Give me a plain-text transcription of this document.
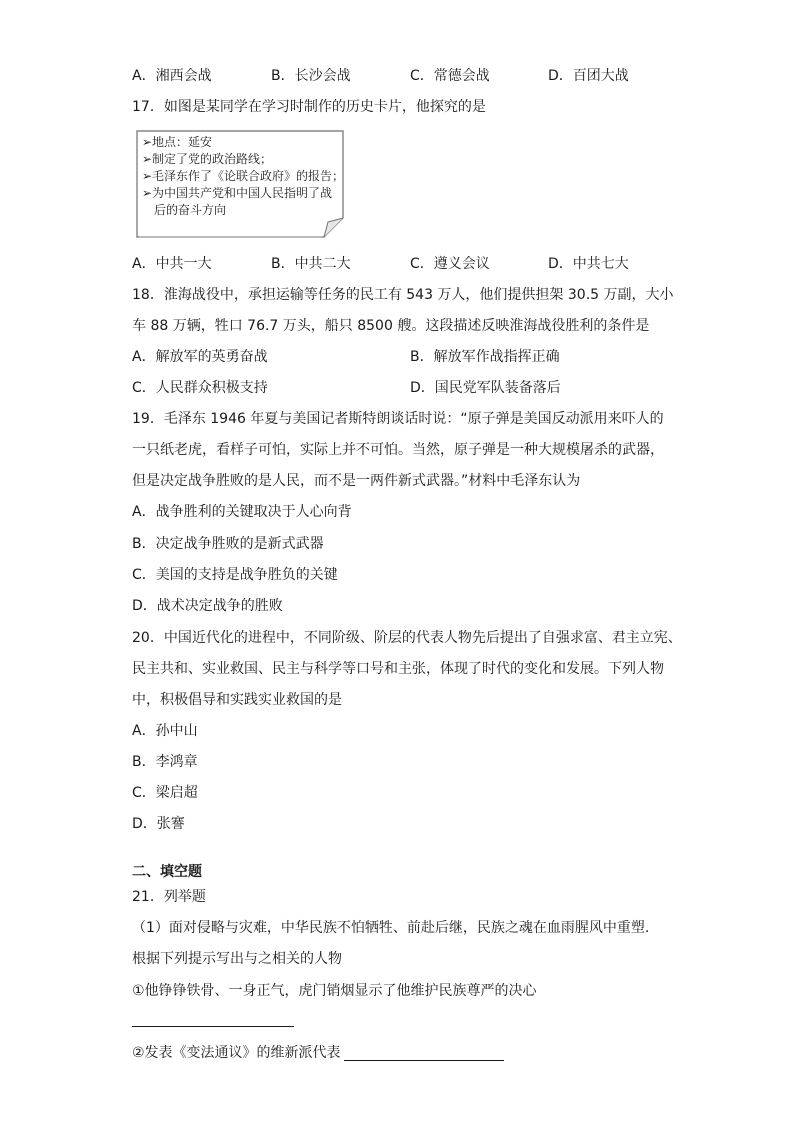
A．湘西会战	B．长沙会战	C．常德会战	D．百团大战
17．如图是某同学在学习时制作的历史卡片，他探究的是
➢地点：延安
➢制定了党的政治路线；
➢毛泽东作了《论联合政府》的报告；
➢为中国共产党和中国人民指明了战
　后的奋斗方向
A．中共一大	B．中共二大	C．遵义会议	D．中共七大
18．淮海战役中，承担运输等任务的民工有 543 万人，他们提供担架 30.5 万副，大小
车 88 万辆，牲口 76.7 万头，船只 8500 艘。这段描述反映淮海战役胜利的条件是
A．解放军的英勇奋战	B．解放军作战指挥正确
C．人民群众积极支持	D．国民党军队装备落后
19．毛泽东 1946 年夏与美国记者斯特朗谈话时说：“原子弹是美国反动派用来吓人的
一只纸老虎，看样子可怕，实际上并不可怕。当然，原子弹是一种大规模屠杀的武器，
但是决定战争胜败的是人民，而不是一两件新式武器。”材料中毛泽东认为
A．战争胜利的关键取决于人心向背
B．决定战争胜败的是新式武器
C．美国的支持是战争胜负的关键
D．战术决定战争的胜败
20．中国近代化的进程中，不同阶级、阶层的代表人物先后提出了自强求富、君主立宪、
民主共和、实业救国、民主与科学等口号和主张，体现了时代的变化和发展。下列人物
中，积极倡导和实践实业救国的是
A．孙中山
B．李鸿章
C．梁启超
D．张謇
二、填空题
21．列举题
（1）面对侵略与灾难，中华民族不怕牺牲、前赴后继，民族之魂在血雨腥风中重塑.
根据下列提示写出与之相关的人物
①他铮铮铁骨、一身正气，虎门销烟显示了他维护民族尊严的决心
②发表《变法通议》的维新派代表
